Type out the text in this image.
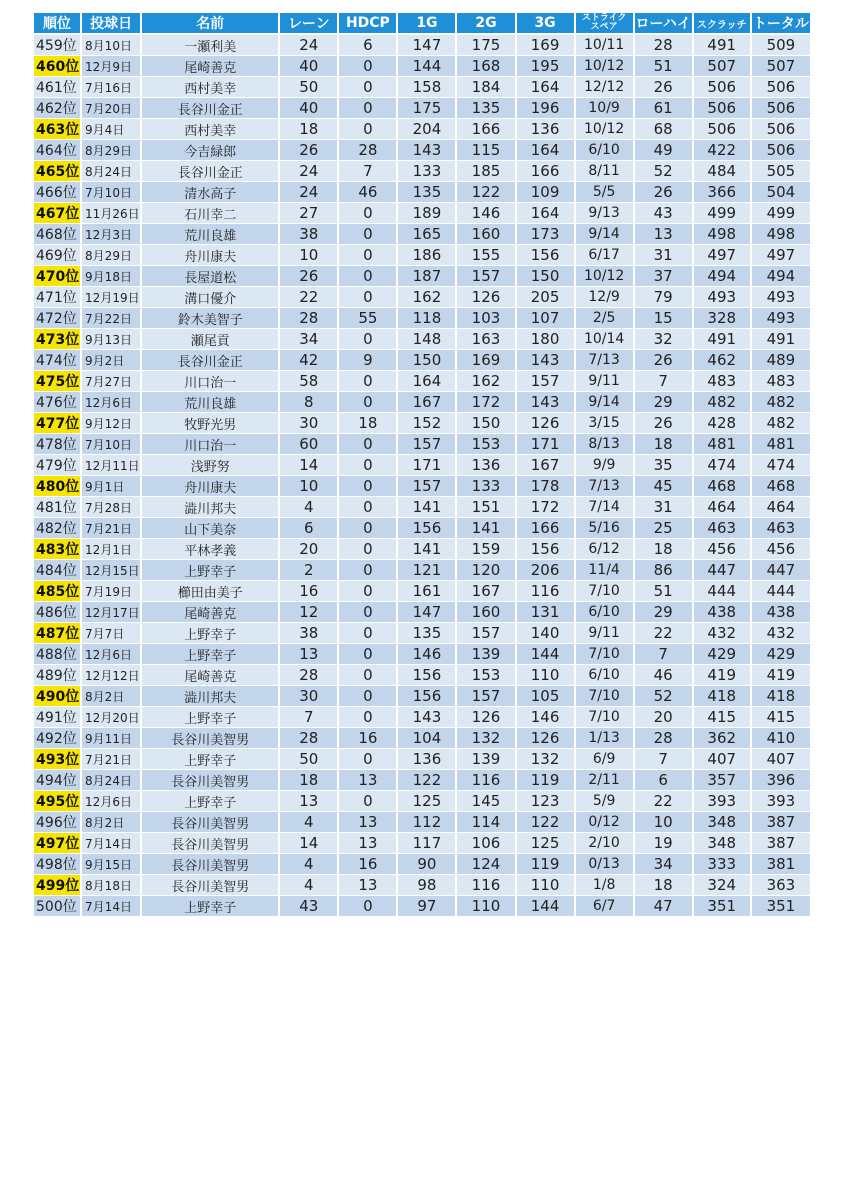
順位	投球日	名前	レーン	HDCP	1G	2G	3G	ストライク
スペア	ローハイ	スクラッチ	トータル
459位	8月10日	一瀬利美	24	6	147	175	169	10/11	28	491	509
460位	12月9日	尾崎善克	40	0	144	168	195	10/12	51	507	507
461位	7月16日	西村美幸	50	0	158	184	164	12/12	26	506	506
462位	7月20日	長谷川金正	40	0	175	135	196	10/9	61	506	506
463位	9月4日	西村美幸	18	0	204	166	136	10/12	68	506	506
464位	8月29日	今吉緑郎	26	28	143	115	164	6/10	49	422	506
465位	8月24日	長谷川金正	24	7	133	185	166	8/11	52	484	505
466位	7月10日	清水高子	24	46	135	122	109	5/5	26	366	504
467位	11月26日	石川幸二	27	0	189	146	164	9/13	43	499	499
468位	12月3日	荒川良雄	38	0	165	160	173	9/14	13	498	498
469位	8月29日	舟川康夫	10	0	186	155	156	6/17	31	497	497
470位	9月18日	長屋道松	26	0	187	157	150	10/12	37	494	494
471位	12月19日	溝口優介	22	0	162	126	205	12/9	79	493	493
472位	7月22日	鈴木美智子	28	55	118	103	107	2/5	15	328	493
473位	9月13日	瀬尾貢	34	0	148	163	180	10/14	32	491	491
474位	9月2日	長谷川金正	42	9	150	169	143	7/13	26	462	489
475位	7月27日	川口治一	58	0	164	162	157	9/11	7	483	483
476位	12月6日	荒川良雄	8	0	167	172	143	9/14	29	482	482
477位	9月12日	牧野光男	30	18	152	150	126	3/15	26	428	482
478位	7月10日	川口治一	60	0	157	153	171	8/13	18	481	481
479位	12月11日	浅野努	14	0	171	136	167	9/9	35	474	474
480位	9月1日	舟川康夫	10	0	157	133	178	7/13	45	468	468
481位	7月28日	澁川邦夫	4	0	141	151	172	7/14	31	464	464
482位	7月21日	山下美奈	6	0	156	141	166	5/16	25	463	463
483位	12月1日	平林孝義	20	0	141	159	156	6/12	18	456	456
484位	12月15日	上野幸子	2	0	121	120	206	11/4	86	447	447
485位	7月19日	櫛田由美子	16	0	161	167	116	7/10	51	444	444
486位	12月17日	尾崎善克	12	0	147	160	131	6/10	29	438	438
487位	7月7日	上野幸子	38	0	135	157	140	9/11	22	432	432
488位	12月6日	上野幸子	13	0	146	139	144	7/10	7	429	429
489位	12月12日	尾崎善克	28	0	156	153	110	6/10	46	419	419
490位	8月2日	澁川邦夫	30	0	156	157	105	7/10	52	418	418
491位	12月20日	上野幸子	7	0	143	126	146	7/10	20	415	415
492位	9月11日	長谷川美智男	28	16	104	132	126	1/13	28	362	410
493位	7月21日	上野幸子	50	0	136	139	132	6/9	7	407	407
494位	8月24日	長谷川美智男	18	13	122	116	119	2/11	6	357	396
495位	12月6日	上野幸子	13	0	125	145	123	5/9	22	393	393
496位	8月2日	長谷川美智男	4	13	112	114	122	0/12	10	348	387
497位	7月14日	長谷川美智男	14	13	117	106	125	2/10	19	348	387
498位	9月15日	長谷川美智男	4	16	90	124	119	0/13	34	333	381
499位	8月18日	長谷川美智男	4	13	98	116	110	1/8	18	324	363
500位	7月14日	上野幸子	43	0	97	110	144	6/7	47	351	351
